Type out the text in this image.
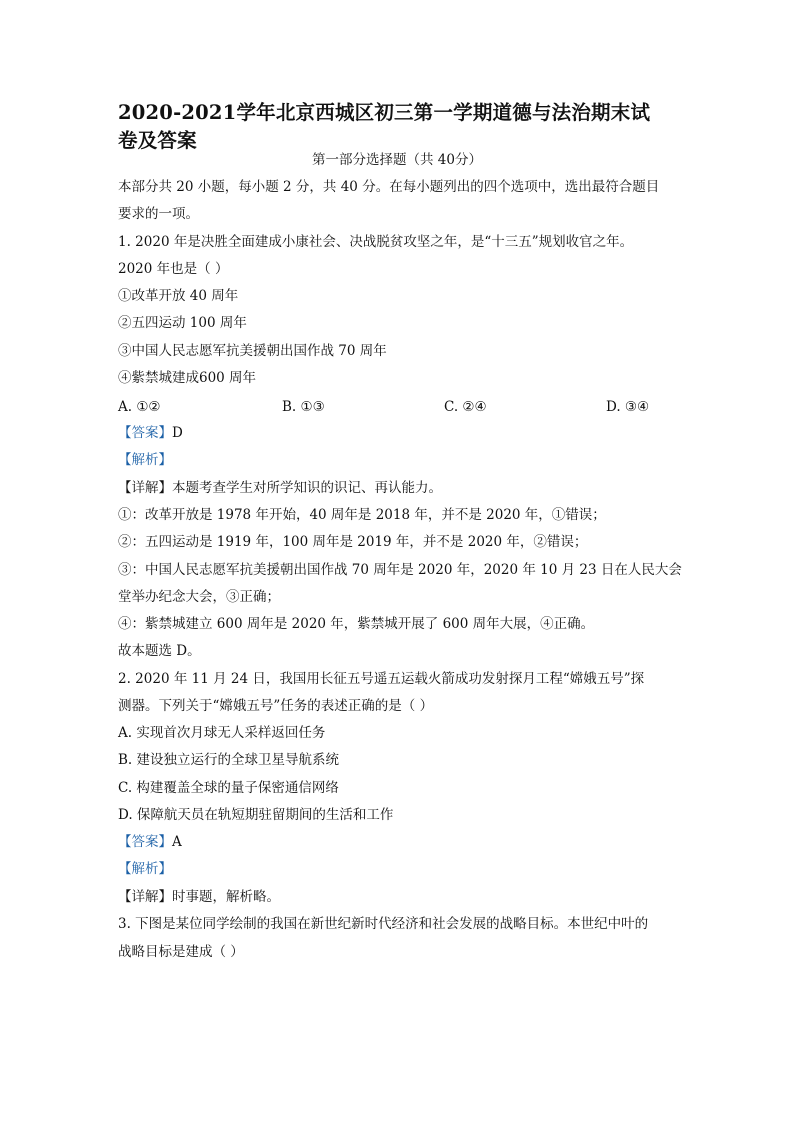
2020-2021学年北京西城区初三第一学期道德与法治期末试
卷及答案
第一部分选择题（共 40分）
本部分共 20 小题，每小题 2 分，共 40 分。在每小题列出的四个选项中，选出最符合题目
要求的一项。
1. 2020 年是决胜全面建成小康社会、决战脱贫攻坚之年，是“十三五”规划收官之年。
2020 年也是（ ）
①改革开放 40 周年
②五四运动 100 周年
③中国人民志愿军抗美援朝出国作战 70 周年
④紫禁城建成600 周年
A. ①②	B. ①③	C. ②④	D. ③④
【答案】D
【解析】
【详解】本题考查学生对所学知识的识记、再认能力。
①：改革开放是 1978 年开始，40 周年是 2018 年，并不是 2020 年，①错误；
②：五四运动是 1919 年，100 周年是 2019 年，并不是 2020 年，②错误；
③：中国人民志愿军抗美援朝出国作战 70 周年是 2020 年，2020 年 10 月 23 日在人民大会
堂举办纪念大会，③正确；
④：紫禁城建立 600 周年是 2020 年，紫禁城开展了 600 周年大展，④正确。
故本题选 D。
2. 2020 年 11 月 24 日，我国用长征五号遥五运载火箭成功发射探月工程“嫦娥五号”探
测器。下列关于“嫦娥五号”任务的表述正确的是（ ）
A. 实现首次月球无人采样返回任务
B. 建设独立运行的全球卫星导航系统
C. 构建覆盖全球的量子保密通信网络
D. 保障航天员在轨短期驻留期间的生活和工作
【答案】A
【解析】
【详解】时事题，解析略。
3. 下图是某位同学绘制的我国在新世纪新时代经济和社会发展的战略目标。本世纪中叶的
战略目标是建成（ ）
